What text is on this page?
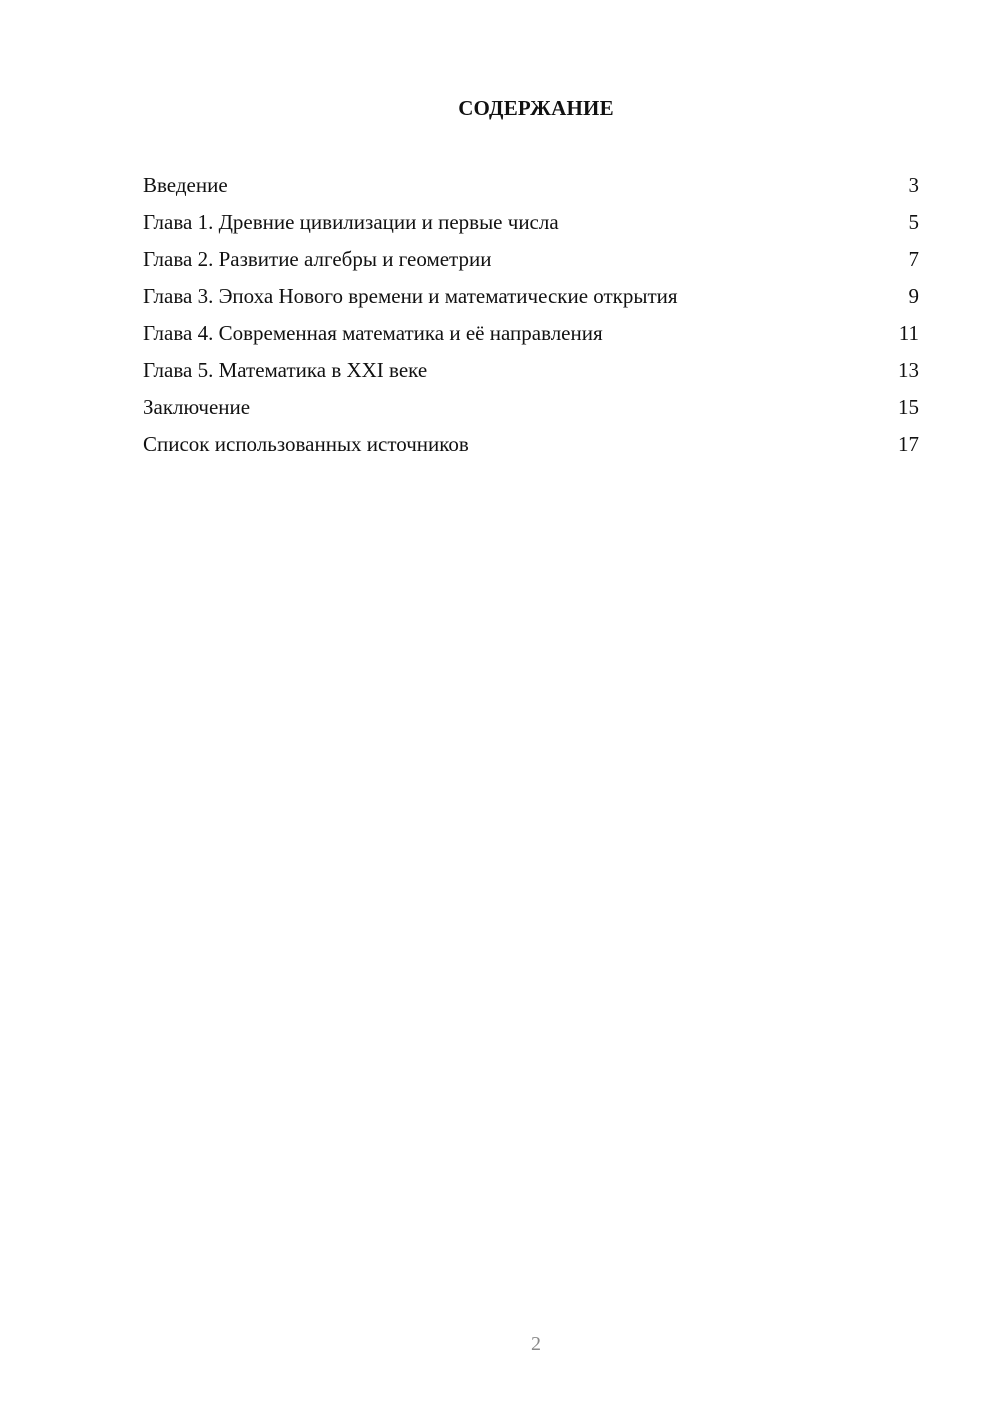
СОДЕРЖАНИЕ
Введение	3
Глава 1. Древние цивилизации и первые числа	5
Глава 2. Развитие алгебры и геометрии	7
Глава 3. Эпоха Нового времени и математические открытия	9
Глава 4. Современная математика и её направления	11
Глава 5. Математика в XXI веке	13
Заключение	15
Список использованных источников	17
2
